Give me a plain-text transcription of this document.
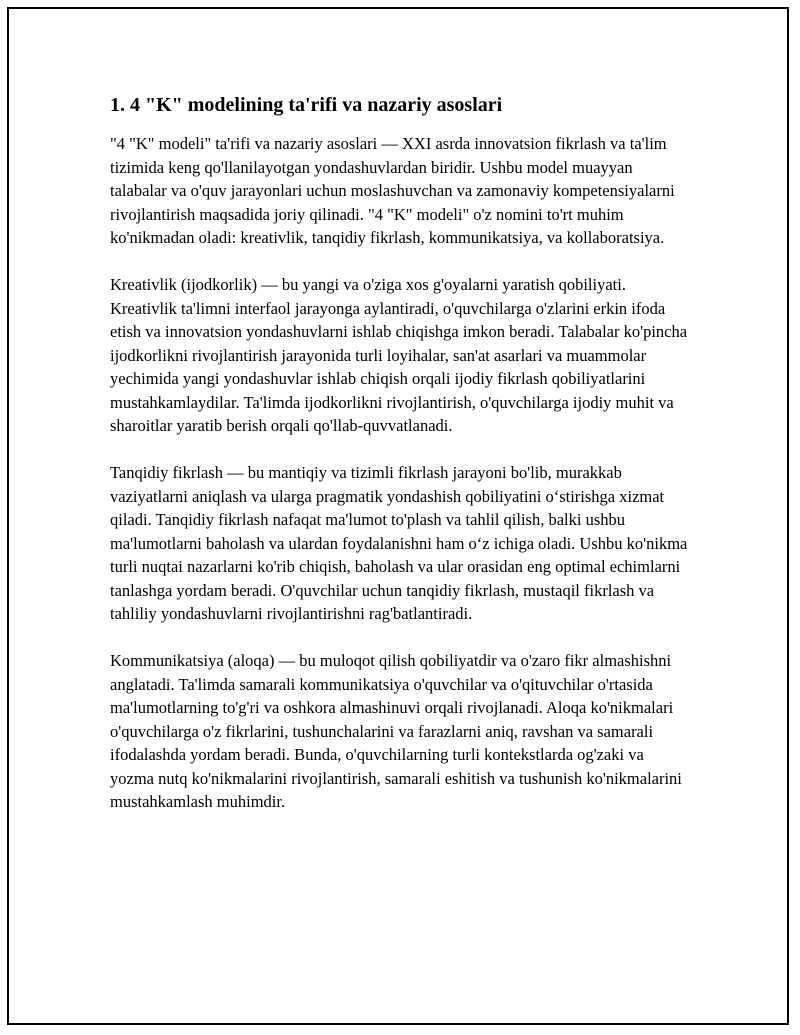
1. 4 "K" modelining ta'rifi va nazariy asoslari

"4 "K" modeli" ta'rifi va nazariy asoslari — XXI asrda innovatsion fikrlash va ta'lim tizimida keng qo'llanilayotgan yondashuvlardan biridir. Ushbu model muayyan talabalar va o'quv jarayonlari uchun moslashuvchan va zamonaviy kompetensiyalarni rivojlantirish maqsadida joriy qilinadi. "4 "K" modeli" o'z nomini to'rt muhim ko'nikmadan oladi: kreativlik, tanqidiy fikrlash, kommunikatsiya, va kollaboratsiya.

Kreativlik (ijodkorlik) — bu yangi va o'ziga xos g'oyalarni yaratish qobiliyati. Kreativlik ta'limni interfaol jarayonga aylantiradi, o'quvchilarga o'zlarini erkin ifoda etish va innovatsion yondashuvlarni ishlab chiqishga imkon beradi. Talabalar ko'pincha ijodkorlikni rivojlantirish jarayonida turli loyihalar, san'at asarlari va muammolar yechimida yangi yondashuvlar ishlab chiqish orqali ijodiy fikrlash qobiliyatlarini mustahkamlaydilar. Ta'limda ijodkorlikni rivojlantirish, o'quvchilarga ijodiy muhit va sharoitlar yaratib berish orqali qo'llab-quvvatlanadi.

Tanqidiy fikrlash — bu mantiqiy va tizimli fikrlash jarayoni bo'lib, murakkab vaziyatlarni aniqlash va ularga pragmatik yondashish qobiliyatini o‘stirishga xizmat qiladi. Tanqidiy fikrlash nafaqat ma'lumot to'plash va tahlil qilish, balki ushbu ma'lumotlarni baholash va ulardan foydalanishni ham o‘z ichiga oladi. Ushbu ko'nikma turli nuqtai nazarlarni ko'rib chiqish, baholash va ular orasidan eng optimal echimlarni tanlashga yordam beradi. O'quvchilar uchun tanqidiy fikrlash, mustaqil fikrlash va tahliliy yondashuvlarni rivojlantirishni rag'batlantiradi.

Kommunikatsiya (aloqa) — bu muloqot qilish qobiliyatdir va o'zaro fikr almashishni anglatadi. Ta'limda samarali kommunikatsiya o'quvchilar va o'qituvchilar o'rtasida ma'lumotlarning to'g'ri va oshkora almashinuvi orqali rivojlanadi. Aloqa ko'nikmalari o'quvchilarga o'z fikrlarini, tushunchalarini va farazlarni aniq, ravshan va samarali ifodalashda yordam beradi. Bunda, o'quvchilarning turli kontekstlarda og'zaki va yozma nutq ko'nikmalarini rivojlantirish, samarali eshitish va tushunish ko'nikmalarini mustahkamlash muhimdir.
